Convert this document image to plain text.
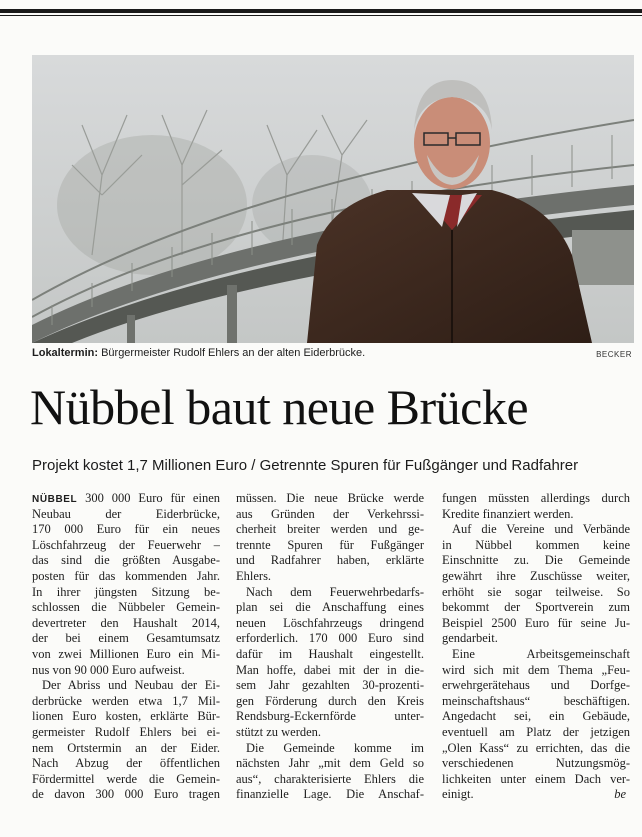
Lokaltermin: Bürgermeister Rudolf Ehlers an der alten Eiderbrücke.	BECKER
Nübbel baut neue Brücke
Projekt kostet 1,7 Millionen Euro / Getrennte Spuren für Fußgänger und Radfahrer
NÜBBEL 300 000 Euro für einen
Neubau der Eiderbrücke,
170 000 Euro für ein neues
Löschfahrzeug der Feuerwehr –
das sind die größten Ausgabe-
posten für das kommenden Jahr.
In ihrer jüngsten Sitzung be-
schlossen die Nübbeler Gemein-
devertreter den Haushalt 2014,
der bei einem Gesamtumsatz
von zwei Millionen Euro ein Mi-
nus von 90 000 Euro aufweist.
Der Abriss und Neubau der Ei-
derbrücke werden etwa 1,7 Mil-
lionen Euro kosten, erklärte Bür-
germeister Rudolf Ehlers bei ei-
nem Ortstermin an der Eider.
Nach Abzug der öffentlichen
Fördermittel werde die Gemein-
de davon 300 000 Euro tragen
müssen. Die neue Brücke werde
aus Gründen der Verkehrssi-
cherheit breiter werden und ge-
trennte Spuren für Fußgänger
und Radfahrer haben, erklärte
Ehlers.
Nach dem Feuerwehrbedarfs-
plan sei die Anschaffung eines
neuen Löschfahrzeugs dringend
erforderlich. 170 000 Euro sind
dafür im Haushalt eingestellt.
Man hoffe, dabei mit der in die-
sem Jahr gezahlten 30-prozenti-
gen Förderung durch den Kreis
Rendsburg-Eckernförde unter-
stützt zu werden.
Die Gemeinde komme im
nächsten Jahr „mit dem Geld so
aus“, charakterisierte Ehlers die
finanzielle Lage. Die Anschaf-
fungen müssten allerdings durch
Kredite finanziert werden.
Auf die Vereine und Verbände
in Nübbel kommen keine
Einschnitte zu. Die Gemeinde
gewährt ihre Zuschüsse weiter,
erhöht sie sogar teilweise. So
bekommt der Sportverein zum
Beispiel 2500 Euro für seine Ju-
gendarbeit.
Eine Arbeitsgemeinschaft
wird sich mit dem Thema „Feu-
erwehrgerätehaus und Dorfge-
meinschaftshaus“ beschäftigen.
Angedacht sei, ein Gebäude,
eventuell am Platz der jetzigen
„Olen Kass“ zu errichten, das die
verschiedenen Nutzungsmög-
lichkeiten unter einem Dach ver-
einigt.	be
